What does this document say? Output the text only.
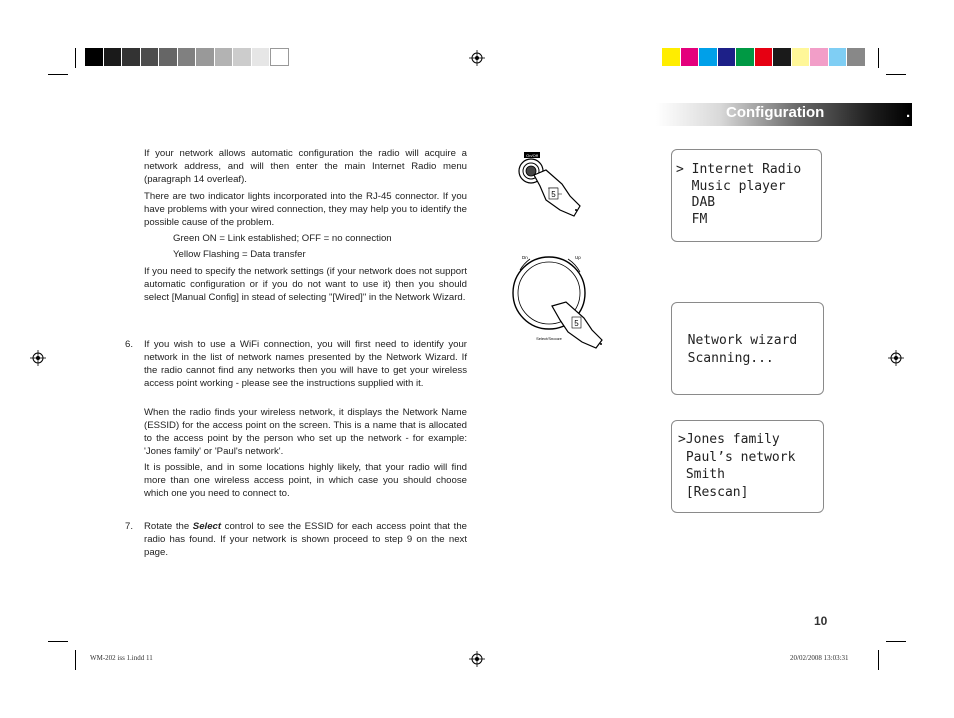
Configuration	.
If your network allows automatic configuration the radio will acquire a network address, and will then enter the main Internet Radio menu (paragraph 14 overleaf).
There are two indicator lights incorporated into the RJ-45 connector. If you have problems with your wired connection, they may help you to identify the possible cause of the problem.
Green ON = Link established; OFF = no connection
Yellow Flashing = Data transfer
If you need to specify the network settings (if your network does not support automatic configuration or if you do not want to use it) then you should select [Manual Config] in stead of selecting "[Wired]" in the Network Wizard.
6. If you wish to use a WiFi connection, you will first need to identify your network in the list of network names presented by the Network Wizard. If the radio cannot find any networks then you will have to get your wireless access point working - please see the instructions supplied with it.
When the radio finds your wireless network, it displays the Network Name (ESSID) for the access point on the screen. This is a name that is allocated to the access point by the person who set up the network - for example: 'Jones family' or 'Paul's network'.
It is possible, and in some locations highly likely, that your radio will find more than one wireless access point, in which case you should choose which one you need to connect to.
7. Rotate the Select control to see the ESSID for each access point that the radio has found. If your network is shown proceed to step 9 on the next page.
On/Off
5
Dn	Up
Select/Snooze
5
> Internet Radio
Music player
DAB
FM
Network wizard
Scanning...
>Jones family
Paul’s network
Smith
[Rescan]
10
WM-202 iss 1.indd 11	20/02/2008 13:03:31
